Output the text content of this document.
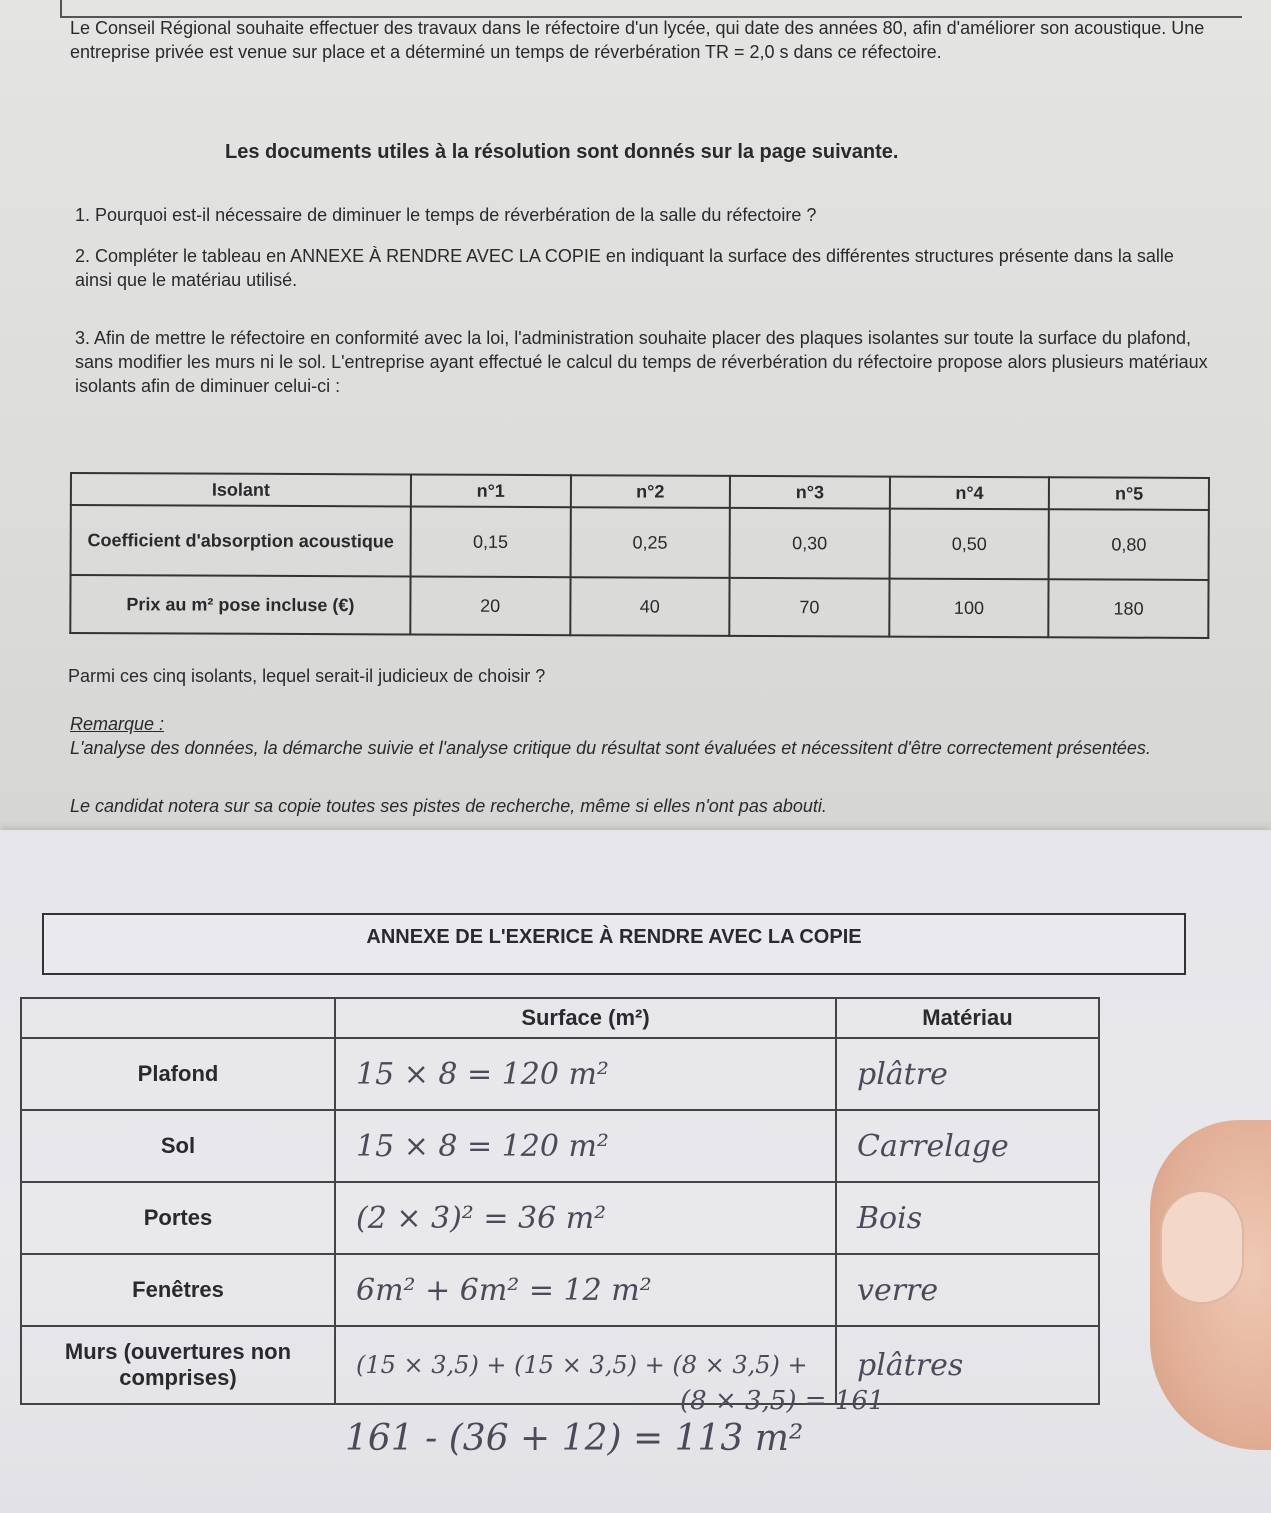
Le Conseil Régional souhaite effectuer des travaux dans le réfectoire d'un lycée, qui date des années 80, afin d'améliorer son acoustique. Une entreprise privée est venue sur place et a déterminé un temps de réverbération TR = 2,0 s dans ce réfectoire.
Les documents utiles à la résolution sont donnés sur la page suivante.
1. Pourquoi est-il nécessaire de diminuer le temps de réverbération de la salle du réfectoire ?
2. Compléter le tableau en ANNEXE À RENDRE AVEC LA COPIE en indiquant la surface des différentes structures présente dans la salle ainsi que le matériau utilisé.
3. Afin de mettre le réfectoire en conformité avec la loi, l'administration souhaite placer des plaques isolantes sur toute la surface du plafond, sans modifier les murs ni le sol. L'entreprise ayant effectué le calcul du temps de réverbération du réfectoire propose alors plusieurs matériaux isolants afin de diminuer celui-ci :
Isolant	n°1	n°2	n°3	n°4	n°5
Coefficient d'absorption acoustique	0,15	0,25	0,30	0,50	0,80
Prix au m² pose incluse (€)	20	40	70	100	180
Parmi ces cinq isolants, lequel serait-il judicieux de choisir ?
Remarque :
L'analyse des données, la démarche suivie et l'analyse critique du résultat sont évaluées et nécessitent d'être correctement présentées.
Le candidat notera sur sa copie toutes ses pistes de recherche, même si elles n'ont pas abouti.
ANNEXE DE L'EXERICE À RENDRE AVEC LA COPIE
	Surface (m²)	Matériau
Plafond	15 × 8 = 120 m²	plâtre
Sol	15 × 8 = 120 m²	Carrelage
Portes	(2 × 3)² = 36 m²	Bois
Fenêtres	6m² + 6m² = 12 m²	verre
Murs (ouvertures non comprises)	(15 × 3,5) + (15 × 3,5) + (8 × 3,5) +	plâtres
(8 × 3,5) = 161
161 - (36 + 12) = 113 m²
